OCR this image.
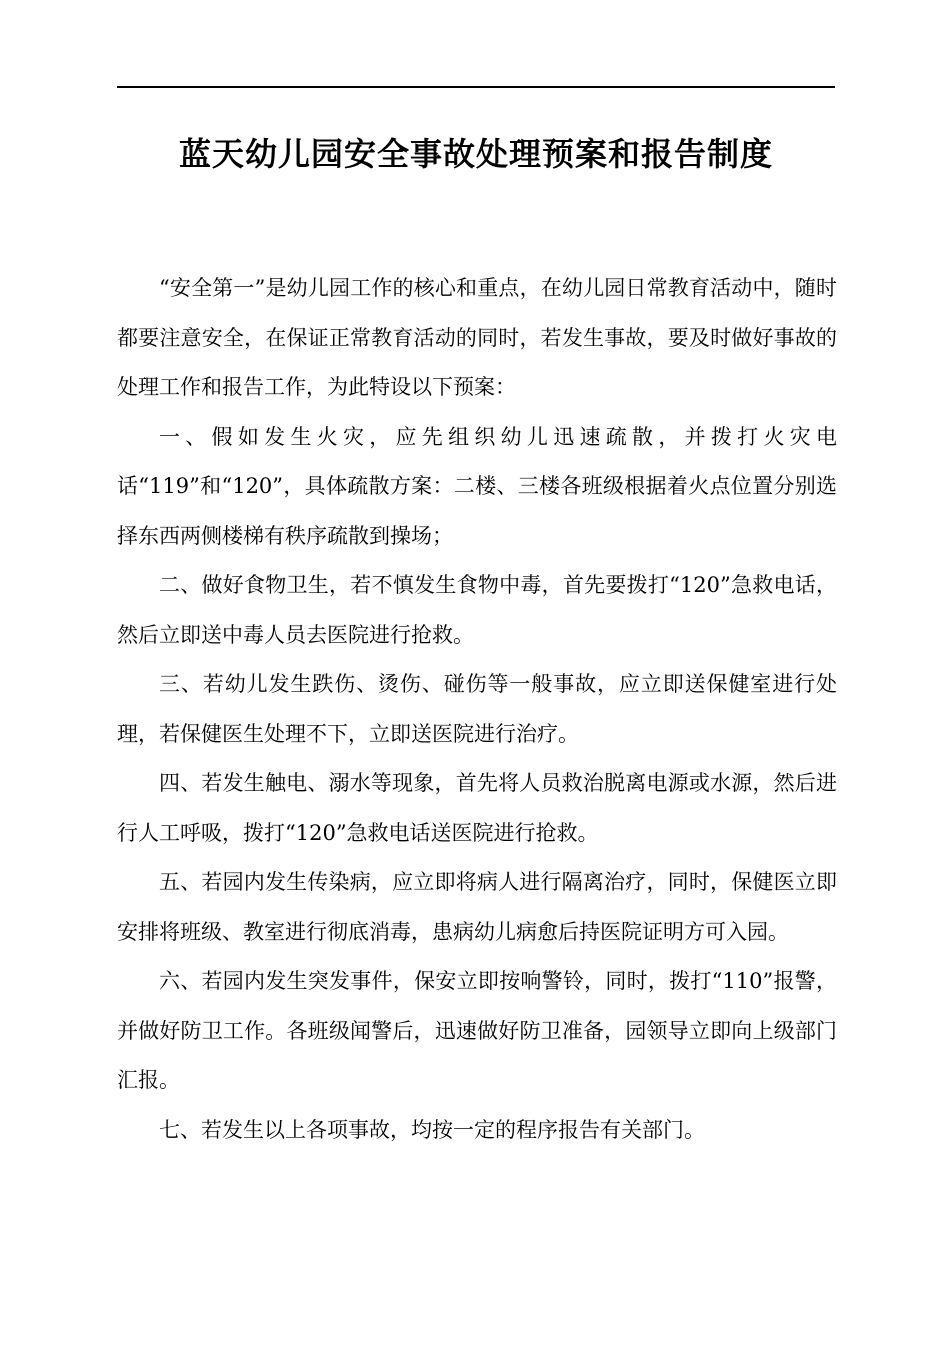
蓝天幼儿园安全事故处理预案和报告制度

“安全第一”是幼儿园工作的核心和重点，在幼儿园日常教育活动中，随时都要注意安全，在保证正常教育活动的同时，若发生事故，要及时做好事故的处理工作和报告工作，为此特设以下预案：

一、假如发生火灾，应先组织幼儿迅速疏散，并拨打火灾电话“119”和“120”，具体疏散方案：二楼、三楼各班级根据着火点位置分别选择东西两侧楼梯有秩序疏散到操场；

二、做好食物卫生，若不慎发生食物中毒，首先要拨打“120”急救电话，然后立即送中毒人员去医院进行抢救。

三、若幼儿发生跌伤、烫伤、碰伤等一般事故，应立即送保健室进行处理，若保健医生处理不下，立即送医院进行治疗。

四、若发生触电、溺水等现象，首先将人员救治脱离电源或水源，然后进行人工呼吸，拨打“120”急救电话送医院进行抢救。

五、若园内发生传染病，应立即将病人进行隔离治疗，同时，保健医立即安排将班级、教室进行彻底消毒，患病幼儿病愈后持医院证明方可入园。

六、若园内发生突发事件，保安立即按响警铃，同时，拨打“110”报警，并做好防卫工作。各班级闻警后，迅速做好防卫准备，园领导立即向上级部门汇报。

七、若发生以上各项事故，均按一定的程序报告有关部门。
